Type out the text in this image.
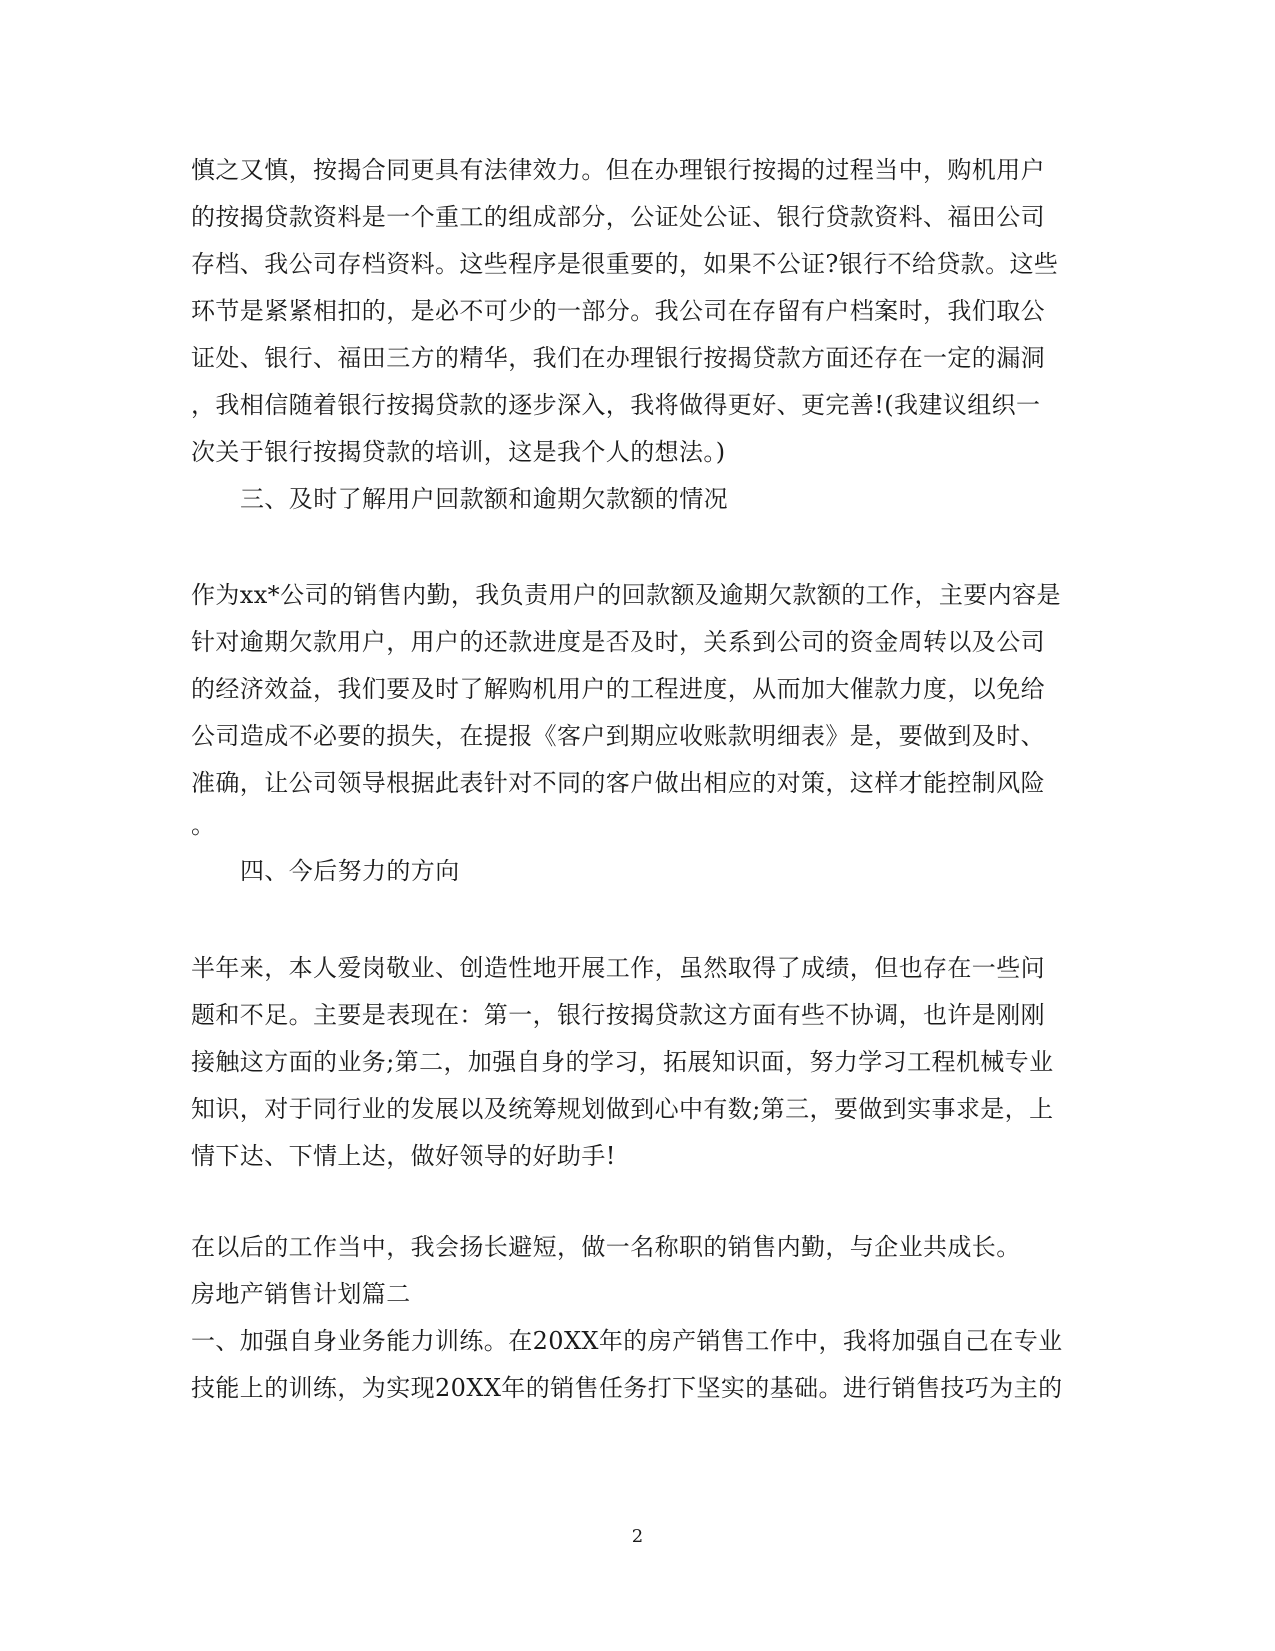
慎之又慎，按揭合同更具有法律效力。但在办理银行按揭的过程当中，购机用户
的按揭贷款资料是一个重工的组成部分，公证处公证、银行贷款资料、福田公司
存档、我公司存档资料。这些程序是很重要的，如果不公证?银行不给贷款。这些
环节是紧紧相扣的，是必不可少的一部分。我公司在存留有户档案时，我们取公
证处、银行、福田三方的精华，我们在办理银行按揭贷款方面还存在一定的漏洞
，我相信随着银行按揭贷款的逐步深入，我将做得更好、更完善!(我建议组织一
次关于银行按揭贷款的培训，这是我个人的想法。)
三、及时了解用户回款额和逾期欠款额的情况
作为xx*公司的销售内勤，我负责用户的回款额及逾期欠款额的工作，主要内容是
针对逾期欠款用户，用户的还款进度是否及时，关系到公司的资金周转以及公司
的经济效益，我们要及时了解购机用户的工程进度，从而加大催款力度，以免给
公司造成不必要的损失，在提报《客户到期应收账款明细表》是，要做到及时、
准确，让公司领导根据此表针对不同的客户做出相应的对策，这样才能控制风险
。
四、今后努力的方向
半年来，本人爱岗敬业、创造性地开展工作，虽然取得了成绩，但也存在一些问
题和不足。主要是表现在：第一，银行按揭贷款这方面有些不协调，也许是刚刚
接触这方面的业务;第二，加强自身的学习，拓展知识面，努力学习工程机械专业
知识，对于同行业的发展以及统筹规划做到心中有数;第三，要做到实事求是，上
情下达、下情上达，做好领导的好助手!
在以后的工作当中，我会扬长避短，做一名称职的销售内勤，与企业共成长。
房地产销售计划篇二
一、加强自身业务能力训练。在20XX年的房产销售工作中，我将加强自己在专业
技能上的训练，为实现20XX年的销售任务打下坚实的基础。进行销售技巧为主的
2
